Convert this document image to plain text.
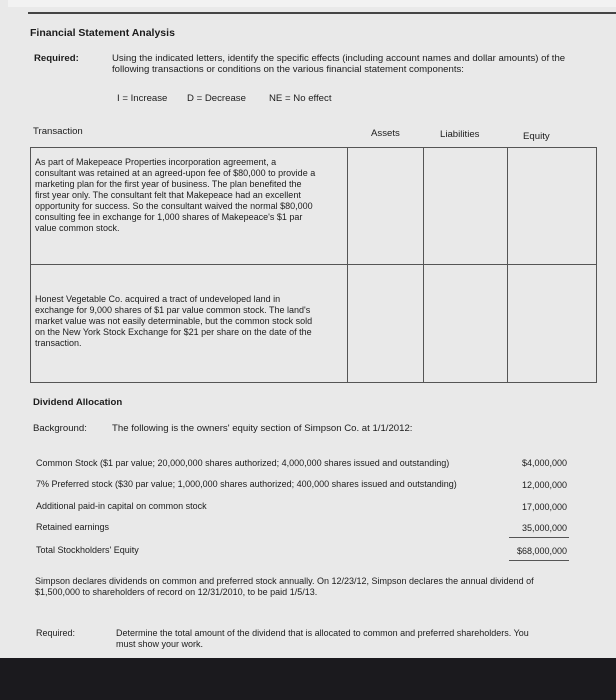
Financial Statement Analysis
Required:	Using the indicated letters, identify the specific effects (including account names and dollar amounts) of the
following transactions or conditions on the various financial statement components:
I = Increase D = Decrease NE = No effect
Transaction	Assets	Liabilities	Equity
As part of Makepeace Properties incorporation agreement, a
consultant was retained at an agreed-upon fee of $80,000 to provide a
marketing plan for the first year of business. The plan benefited the
first year only. The consultant felt that Makepeace had an excellent
opportunity for success. So the consultant waived the normal $80,000
consulting fee in exchange for 1,000 shares of Makepeace's $1 par
value common stock.
Honest Vegetable Co. acquired a tract of undeveloped land in
exchange for 9,000 shares of $1 par value common stock. The land's
market value was not easily determinable, but the common stock sold
on the New York Stock Exchange for $21 per share on the date of the
transaction.
Dividend Allocation
Background:	The following is the owners' equity section of Simpson Co. at 1/1/2012:
Common Stock ($1 par value; 20,000,000 shares authorized; 4,000,000 shares issued and outstanding)	$4,000,000
7% Preferred stock ($30 par value; 1,000,000 shares authorized; 400,000 shares issued and outstanding)	12,000,000
Additional paid-in capital on common stock	17,000,000
Retained earnings	35,000,000
Total Stockholders' Equity	$68,000,000
Simpson declares dividends on common and preferred stock annually. On 12/23/12, Simpson declares the annual dividend of
$1,500,000 to shareholders of record on 12/31/2010, to be paid 1/5/13.
Required:	Determine the total amount of the dividend that is allocated to common and preferred shareholders. You
must show your work.
